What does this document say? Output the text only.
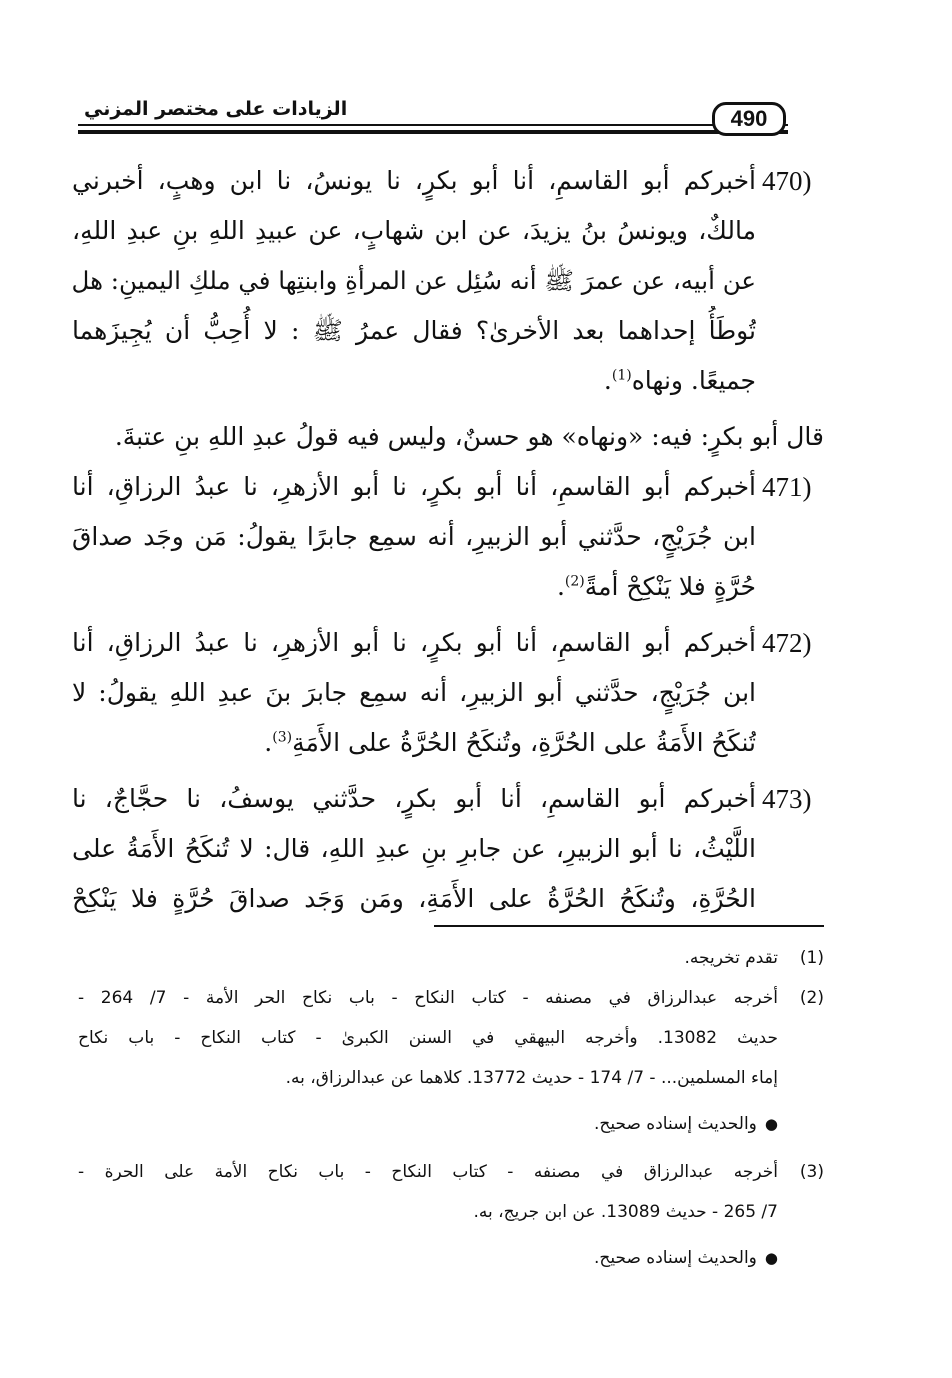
الزيادات على مختصر المزني	490
470)
أخبركم أبو القاسمِ، أنا أبو بكرٍ، نا يونسُ، نا ابن وهبٍ، أخبرني
مالكٌ، ويونسُ بنُ يزيدَ، عن ابن شهابٍ، عن عبيدِ اللهِ بنِ عبدِ اللهِ،
عن أبيه، عن عمرَ ﷺ أنه سُئِل عن المرأةِ وابنتِها في ملكِ اليمينِ: هل
تُوطَأُ إحداهما بعد الأخرىٰ؟ فقال عمرُ ﷺ : لا أُحِبُّ أن يُجِيزَهما
جميعًا. ونهاه$^{(1)}$.
قال أبو بكرٍ: فيه: «ونهاه» هو حسنٌ، وليس فيه قولُ عبدِ اللهِ بنِ عتبةَ.
471)
أخبركم أبو القاسمِ، أنا أبو بكرٍ، نا أبو الأزهرِ، نا عبدُ الرزاقِ، أنا
ابن جُرَيْجٍ، حدَّثني أبو الزبيرِ، أنه سمِع جابرًا يقولُ: مَن وجَد صداقَ
حُرَّةٍ فلا يَنْكِحْ أمةً$^{(2)}$.
472)
أخبركم أبو القاسمِ، أنا أبو بكرٍ، نا أبو الأزهرِ، نا عبدُ الرزاقِ، أنا
ابن جُرَيْجٍ، حدَّثني أبو الزبيرِ، أنه سمِع جابرَ بنَ عبدِ اللهِ يقولُ: لا
تُنكَحُ الأَمَةُ على الحُرَّةِ، وتُنكَحُ الحُرَّةُ على الأَمَةِ$^{(3)}$.
473)
أخبركم أبو القاسمِ، أنا أبو بكرٍ، حدَّثني يوسفُ، نا حجَّاجٌ، نا
اللَّيْثُ، نا أبو الزبيرِ، عن جابرِ بنِ عبدِ اللهِ، قال: لا تُنكَحُ الأَمَةُ على
الحُرَّةِ، وتُنكَحُ الحُرَّةُ على الأَمَةِ، ومَن وَجَد صداقَ حُرَّةٍ فلا يَنْكِحْ
(1)
تقدم تخريجه.
(2)
أخرجه عبدالرزاق في مصنفه - كتاب النكاح - باب نكاح الحر الأمة - 7/ 264 -
حديث 13082. وأخرجه البيهقي في السنن الكبرىٰ - كتاب النكاح - باب نكاح
إماء المسلمين... - 7/ 174 - حديث 13772. كلاهما عن عبدالرزاق، به.
●والحديث إسناده صحيح.
(3)
أخرجه عبدالرزاق في مصنفه - كتاب النكاح - باب نكاح الأمة على الحرة -
7/ 265 - حديث 13089. عن ابن جريج، به.
●والحديث إسناده صحيح.
